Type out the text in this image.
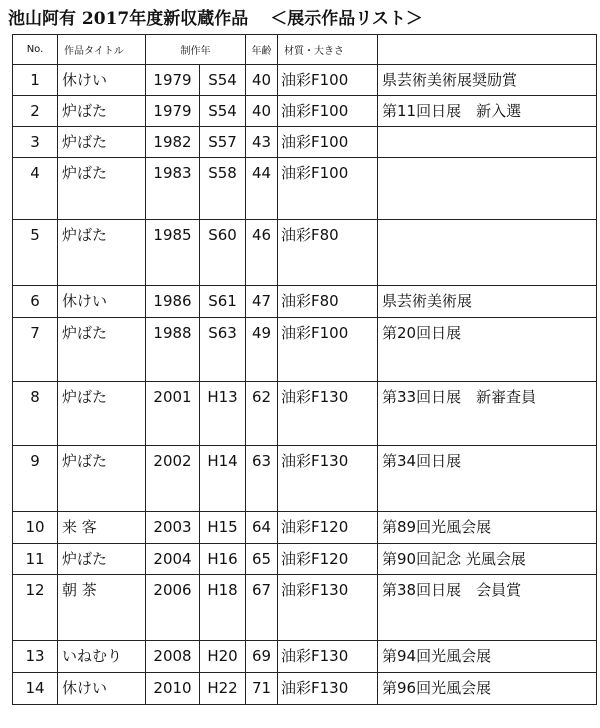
池山阿有 2017年度新収蔵作品 ＜展示作品リスト＞
No.	作品タイトル	制作年		年齢	材質・大きさ	
1	休けい	1979	S54	40	油彩F100	県芸術美術展奨励賞
2	炉ばた	1979	S54	40	油彩F100	第11回日展　新入選
3	炉ばた	1982	S57	43	油彩F100	
4	炉ばた	1983	S58	44	油彩F100	
5	炉ばた	1985	S60	46	油彩F80	
6	休けい	1986	S61	47	油彩F80	県芸術美術展
7	炉ばた	1988	S63	49	油彩F100	第20回日展
8	炉ばた	2001	H13	62	油彩F130	第33回日展　新審査員
9	炉ばた	2002	H14	63	油彩F130	第34回日展
10	来 客	2003	H15	64	油彩F120	第89回光風会展
11	炉ばた	2004	H16	65	油彩F120	第90回記念 光風会展
12	朝 茶	2006	H18	67	油彩F130	第38回日展　会員賞
13	いねむり	2008	H20	69	油彩F130	第94回光風会展
14	休けい	2010	H22	71	油彩F130	第96回光風会展
